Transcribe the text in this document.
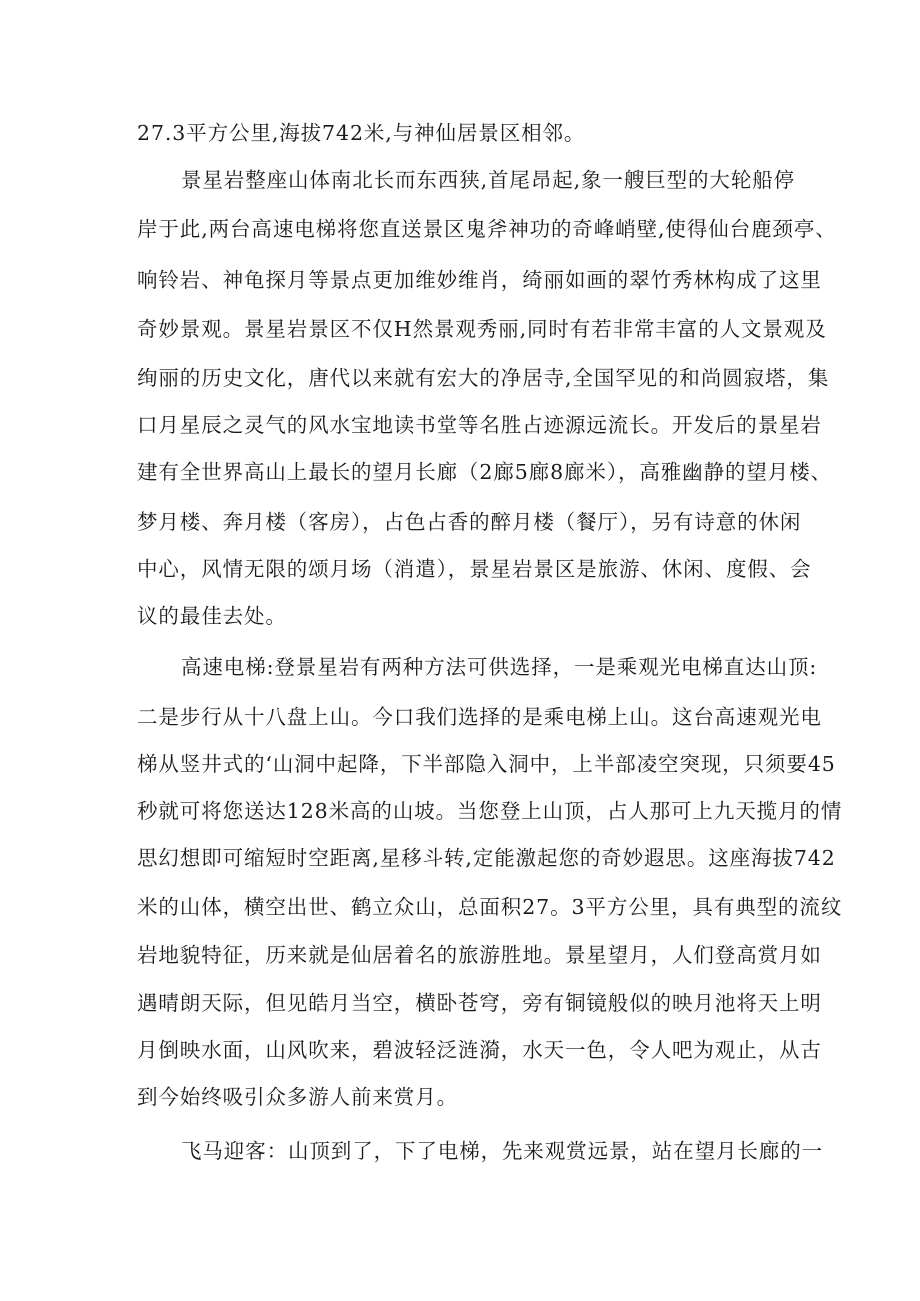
27.3平方公里,海拔742米,与神仙居景区相邻。
景星岩整座山体南北长而东西狭,首尾昂起,象一艘巨型的大轮船停
岸于此,两台高速电梯将您直送景区鬼斧神功的奇峰峭壁,使得仙台鹿颈亭、
响铃岩、神龟探月等景点更加维妙维肖，绮丽如画的翠竹秀林构成了这里
奇妙景观。景星岩景区不仅H然景观秀丽,同时有若非常丰富的人文景观及
绚丽的历史文化，唐代以来就有宏大的净居寺,全国罕见的和尚圆寂塔，集
口月星辰之灵气的风水宝地读书堂等名胜占迹源远流长。开发后的景星岩
建有全世界高山上最长的望月长廊（2廊5廊8廊米），高雅幽静的望月楼、
梦月楼、奔月楼（客房），占色占香的醉月楼（餐厅），另有诗意的休闲
中心，风情无限的颂月场（消遣），景星岩景区是旅游、休闲、度假、会
议的最佳去处。
高速电梯:登景星岩有两种方法可供选择，一是乘观光电梯直达山顶:
二是步行从十八盘上山。今口我们选择的是乘电梯上山。这台高速观光电
梯从竖井式的‘山洞中起降，下半部隐入洞中，上半部凌空突现，只须要45
秒就可将您送达128米高的山坡。当您登上山顶，占人那可上九天揽月的情
思幻想即可缩短时空距离,星移斗转,定能激起您的奇妙遐思。这座海拔742
米的山体，横空出世、鹤立众山，总面积27。3平方公里，具有典型的流纹
岩地貌特征，历来就是仙居着名的旅游胜地。景星望月，人们登高赏月如
遇晴朗天际，但见皓月当空，横卧苍穹，旁有铜镜般似的映月池将天上明
月倒映水面，山风吹来，碧波轻泛涟漪，水天一色，令人吧为观止，从古
到今始终吸引众多游人前来赏月。
飞马迎客：山顶到了，下了电梯，先来观赏远景，站在望月长廊的一
